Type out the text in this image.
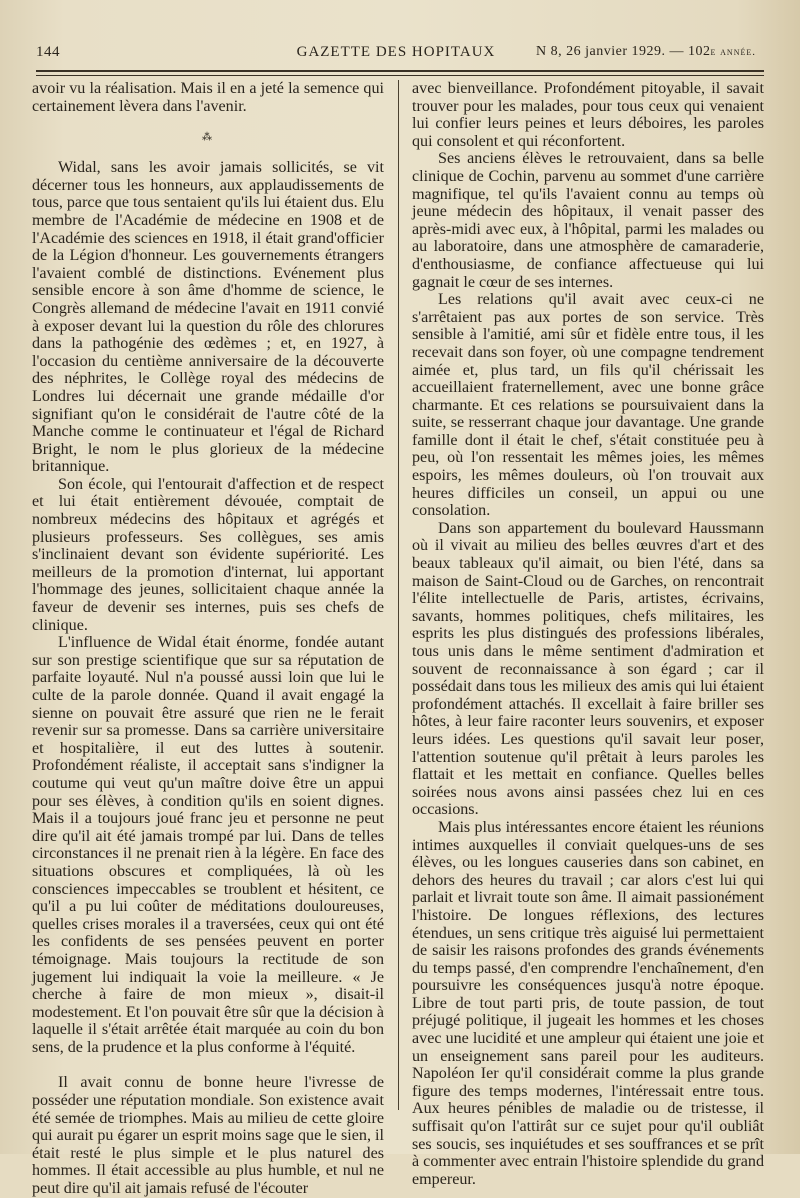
144	GAZETTE DES HOPITAUX	N 8, 26 janvier 1929. — 102e année.

avoir vu la réalisation. Mais il en a jeté la semence qui certainement lèvera dans l'avenir.

⁂

Widal, sans les avoir jamais sollicités, se vit décerner tous les honneurs, aux applaudissements de tous, parce que tous sentaient qu'ils lui étaient dus. Elu membre de l'Académie de médecine en 1908 et de l'Académie des sciences en 1918, il était grand'officier de la Légion d'honneur. Les gouvernements étrangers l'avaient comblé de distinctions. Evénement plus sensible encore à son âme d'homme de science, le Congrès allemand de médecine l'avait en 1911 convié à exposer devant lui la question du rôle des chlorures dans la pathogénie des œdèmes ; et, en 1927, à l'occasion du centième anniversaire de la découverte des néphrites, le Collège royal des médecins de Londres lui décernait une grande médaille d'or signifiant qu'on le considérait de l'autre côté de la Manche comme le continuateur et l'égal de Richard Bright, le nom le plus glorieux de la médecine britannique.

Son école, qui l'entourait d'affection et de respect et lui était entièrement dévouée, comptait de nombreux médecins des hôpitaux et agrégés et plusieurs professeurs. Ses collègues, ses amis s'inclinaient devant son évidente supériorité. Les meilleurs de la promotion d'internat, lui apportant l'hommage des jeunes, sollicitaient chaque année la faveur de devenir ses internes, puis ses chefs de clinique.

L'influence de Widal était énorme, fondée autant sur son prestige scientifique que sur sa réputation de parfaite loyauté. Nul n'a poussé aussi loin que lui le culte de la parole donnée. Quand il avait engagé la sienne on pouvait être assuré que rien ne le ferait revenir sur sa promesse. Dans sa carrière universitaire et hospitalière, il eut des luttes à soutenir. Profondément réaliste, il acceptait sans s'indigner la coutume qui veut qu'un maître doive être un appui pour ses élèves, à condition qu'ils en soient dignes. Mais il a toujours joué franc jeu et personne ne peut dire qu'il ait été jamais trompé par lui. Dans de telles circonstances il ne prenait rien à la légère. En face des situations obscures et compliquées, là où les consciences impeccables se troublent et hésitent, ce qu'il a pu lui coûter de méditations douloureuses, quelles crises morales il a traversées, ceux qui ont été les confidents de ses pensées peuvent en porter témoignage. Mais toujours la rectitude de son jugement lui indiquait la voie la meilleure. « Je cherche à faire de mon mieux », disait-il modestement. Et l'on pouvait être sûr que la décision à laquelle il s'était arrêtée était marquée au coin du bon sens, de la prudence et la plus conforme à l'équité.

Il avait connu de bonne heure l'ivresse de posséder une réputation mondiale. Son existence avait été semée de triomphes. Mais au milieu de cette gloire qui aurait pu égarer un esprit moins sage que le sien, il était resté le plus simple et le plus naturel des hommes. Il était accessible au plus humble, et nul ne peut dire qu'il ait jamais refusé de l'écouter

avec bienveillance. Profondément pitoyable, il savait trouver pour les malades, pour tous ceux qui venaient lui confier leurs peines et leurs déboires, les paroles qui consolent et qui réconfortent.

Ses anciens élèves le retrouvaient, dans sa belle clinique de Cochin, parvenu au sommet d'une carrière magnifique, tel qu'ils l'avaient connu au temps où jeune médecin des hôpitaux, il venait passer des après-midi avec eux, à l'hôpital, parmi les malades ou au laboratoire, dans une atmosphère de camaraderie, d'enthousiasme, de confiance affectueuse qui lui gagnait le cœur de ses internes.

Les relations qu'il avait avec ceux-ci ne s'arrêtaient pas aux portes de son service. Très sensible à l'amitié, ami sûr et fidèle entre tous, il les recevait dans son foyer, où une compagne tendrement aimée et, plus tard, un fils qu'il chérissait les accueillaient fraternellement, avec une bonne grâce charmante. Et ces relations se poursuivaient dans la suite, se resserrant chaque jour davantage. Une grande famille dont il était le chef, s'était constituée peu à peu, où l'on ressentait les mêmes joies, les mêmes espoirs, les mêmes douleurs, où l'on trouvait aux heures difficiles un conseil, un appui ou une consolation.

Dans son appartement du boulevard Haussmann où il vivait au milieu des belles œuvres d'art et des beaux tableaux qu'il aimait, ou bien l'été, dans sa maison de Saint-Cloud ou de Garches, on rencontrait l'élite intellectuelle de Paris, artistes, écrivains, savants, hommes politiques, chefs militaires, les esprits les plus distingués des professions libérales, tous unis dans le même sentiment d'admiration et souvent de reconnaissance à son égard ; car il possédait dans tous les milieux des amis qui lui étaient profondément attachés. Il excellait à faire briller ses hôtes, à leur faire raconter leurs souvenirs, et exposer leurs idées. Les questions qu'il savait leur poser, l'attention soutenue qu'il prêtait à leurs paroles les flattait et les mettait en confiance. Quelles belles soirées nous avons ainsi passées chez lui en ces occasions.

Mais plus intéressantes encore étaient les réunions intimes auxquelles il conviait quelques-uns de ses élèves, ou les longues causeries dans son cabinet, en dehors des heures du travail ; car alors c'est lui qui parlait et livrait toute son âme. Il aimait passionément l'histoire. De longues réflexions, des lectures étendues, un sens critique très aiguisé lui permettaient de saisir les raisons profondes des grands événements du temps passé, d'en comprendre l'enchaînement, d'en poursuivre les conséquences jusqu'à notre époque. Libre de tout parti pris, de toute passion, de tout préjugé politique, il jugeait les hommes et les choses avec une lucidité et une ampleur qui étaient une joie et un enseignement sans pareil pour les auditeurs. Napoléon Ier qu'il considérait comme la plus grande figure des temps modernes, l'intéressait entre tous. Aux heures pénibles de maladie ou de tristesse, il suffisait qu'on l'attirât sur ce sujet pour qu'il oubliât ses soucis, ses inquiétudes et ses souffrances et se prît à commenter avec entrain l'histoire splendide du grand empereur.
